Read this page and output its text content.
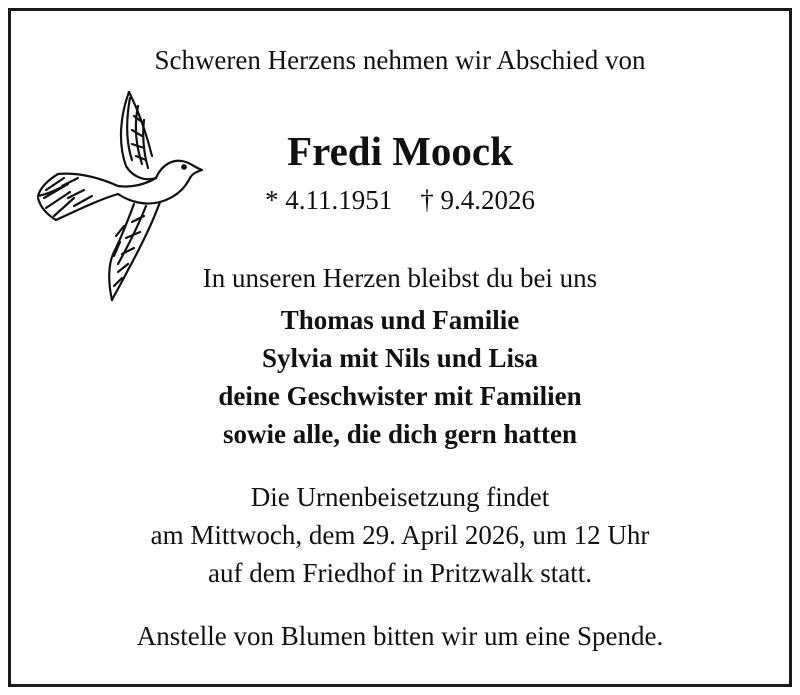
Schweren Herzens nehmen wir Abschied von
Fredi Moock
* 4.11.1951 † 9.4.2026
In unseren Herzen bleibst du bei uns
Thomas und Familie
Sylvia mit Nils und Lisa
deine Geschwister mit Familien
sowie alle, die dich gern hatten
Die Urnenbeisetzung findet
am Mittwoch, dem 29. April 2026, um 12 Uhr
auf dem Friedhof in Pritzwalk statt.
Anstelle von Blumen bitten wir um eine Spende.
